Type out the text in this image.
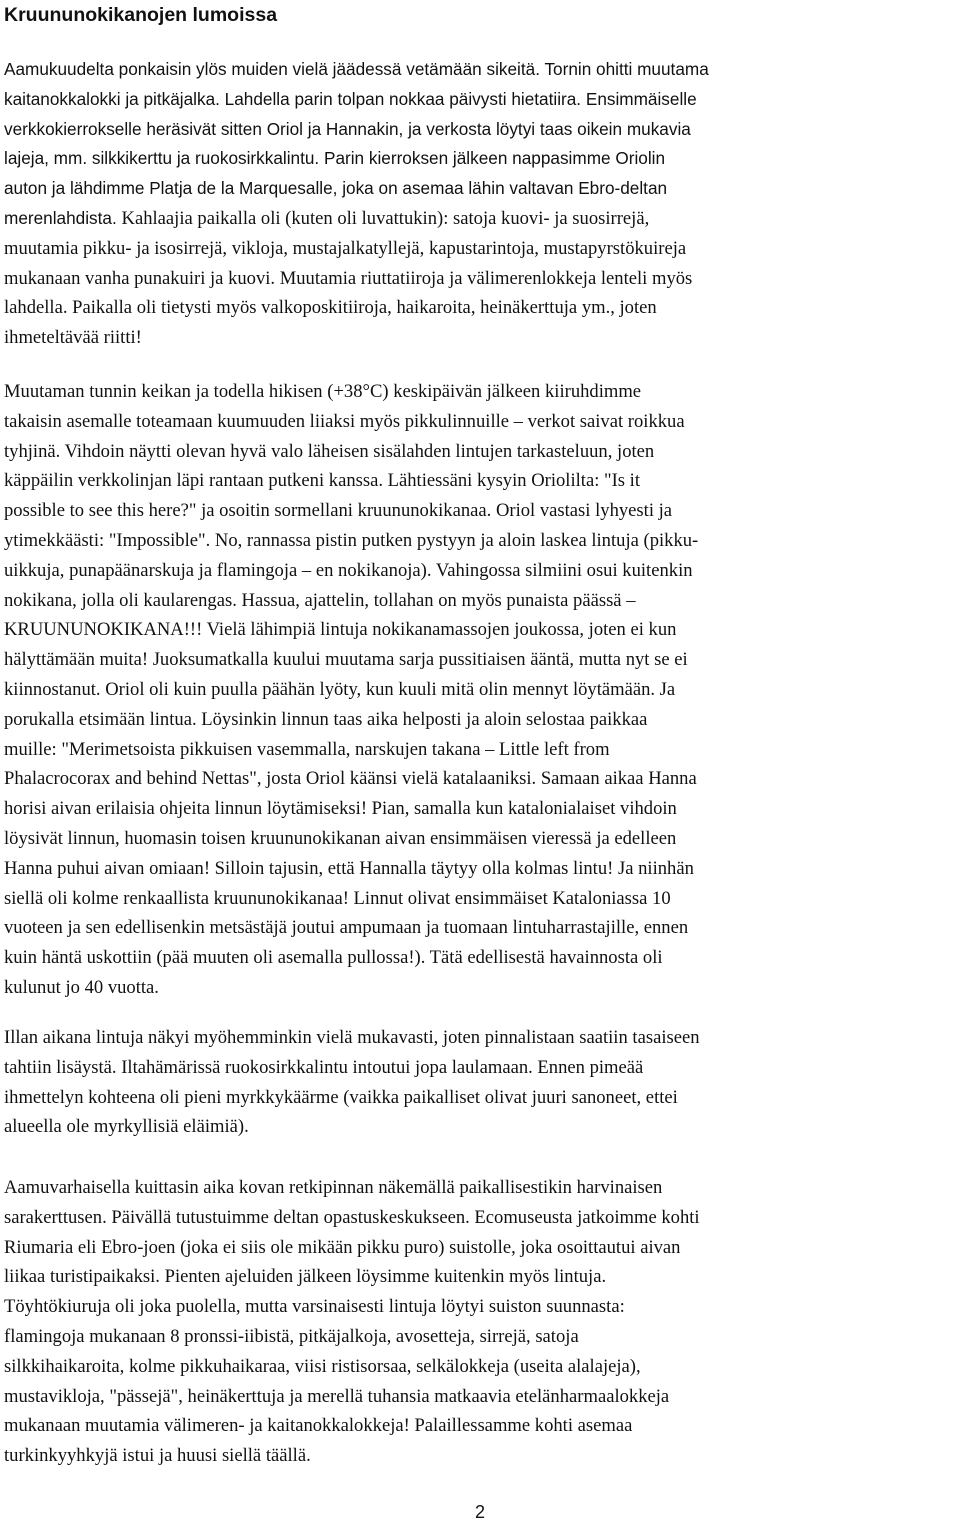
Kruununokikanojen lumoissa
Aamukuudelta ponkaisin ylös muiden vielä jäädessä vetämään sikeitä. Tornin ohitti muutama
kaitanokkalokki ja pitkäjalka. Lahdella parin tolpan nokkaa päivysti hietatiira. Ensimmäiselle
verkkokierrokselle heräsivät sitten Oriol ja Hannakin, ja verkosta löytyi taas oikein mukavia
lajeja, mm. silkkikerttu ja ruokosirkkalintu. Parin kierroksen jälkeen nappasimme Oriolin
auton ja lähdimme Platja de la Marquesalle, joka on asemaa lähin valtavan Ebro-deltan
merenlahdista. Kahlaajia paikalla oli (kuten oli luvattukin): satoja kuovi- ja suosirrejä,
muutamia pikku- ja isosirrejä, vikloja, mustajalkatyllejä, kapustarintoja, mustapyrstökuireja
mukanaan vanha punakuiri ja kuovi. Muutamia riuttatiiroja ja välimerenlokkeja lenteli myös
lahdella. Paikalla oli tietysti myös valkoposkitiiroja, haikaroita, heinäkerttuja ym., joten
ihmeteltävää riitti!
Muutaman tunnin keikan ja todella hikisen (+38°C) keskipäivän jälkeen kiiruhdimme
takaisin asemalle toteamaan kuumuuden liiaksi myös pikkulinnuille – verkot saivat roikkua
tyhjinä. Vihdoin näytti olevan hyvä valo läheisen sisälahden lintujen tarkasteluun, joten
käppäilin verkkolinjan läpi rantaan putkeni kanssa. Lähtiessäni kysyin Oriolilta: "Is it
possible to see this here?" ja osoitin sormellani kruununokikanaa. Oriol vastasi lyhyesti ja
ytimekkäästi: "Impossible". No, rannassa pistin putken pystyyn ja aloin laskea lintuja (pikku-
uikkuja, punapäänarskuja ja flamingoja – en nokikanoja). Vahingossa silmiini osui kuitenkin
nokikana, jolla oli kaularengas. Hassua, ajattelin, tollahan on myös punaista päässä –
KRUUNUNOKIKANA!!! Vielä lähimpiä lintuja nokikanamassojen joukossa, joten ei kun
hälyttämään muita! Juoksumatkalla kuului muutama sarja pussitiaisen ääntä, mutta nyt se ei
kiinnostanut. Oriol oli kuin puulla päähän lyöty, kun kuuli mitä olin mennyt löytämään. Ja
porukalla etsimään lintua. Löysinkin linnun taas aika helposti ja aloin selostaa paikkaa
muille: "Merimetsoista pikkuisen vasemmalla, narskujen takana – Little left from
Phalacrocorax and behind Nettas", josta Oriol käänsi vielä katalaaniksi. Samaan aikaa Hanna
horisi aivan erilaisia ohjeita linnun löytämiseksi! Pian, samalla kun katalonialaiset vihdoin
löysivät linnun, huomasin toisen kruununokikanan aivan ensimmäisen vieressä ja edelleen
Hanna puhui aivan omiaan! Silloin tajusin, että Hannalla täytyy olla kolmas lintu! Ja niinhän
siellä oli kolme renkaallista kruununokikanaa! Linnut olivat ensimmäiset Kataloniassa 10
vuoteen ja sen edellisenkin metsästäjä joutui ampumaan ja tuomaan lintuharrastajille, ennen
kuin häntä uskottiin (pää muuten oli asemalla pullossa!). Tätä edellisestä havainnosta oli
kulunut jo 40 vuotta.
Illan aikana lintuja näkyi myöhemminkin vielä mukavasti, joten pinnalistaan saatiin tasaiseen
tahtiin lisäystä. Iltahämärissä ruokosirkkalintu intoutui jopa laulamaan. Ennen pimeää
ihmettelyn kohteena oli pieni myrkkykäärme (vaikka paikalliset olivat juuri sanoneet, ettei
alueella ole myrkyllisiä eläimiä).
Aamuvarhaisella kuittasin aika kovan retkipinnan näkemällä paikallisestikin harvinaisen
sarakerttusen. Päivällä tutustuimme deltan opastuskeskukseen. Ecomuseusta jatkoimme kohti
Riumaria eli Ebro-joen (joka ei siis ole mikään pikku puro) suistolle, joka osoittautui aivan
liikaa turistipaikaksi. Pienten ajeluiden jälkeen löysimme kuitenkin myös lintuja.
Töyhtökiuruja oli joka puolella, mutta varsinaisesti lintuja löytyi suiston suunnasta:
flamingoja mukanaan 8 pronssi-iibistä, pitkäjalkoja, avosetteja, sirrejä, satoja
silkkihaikaroita, kolme pikkuhaikaraa, viisi ristisorsaa, selkälokkeja (useita alalajeja),
mustavikloja, "pässejä", heinäkerttuja ja merellä tuhansia matkaavia etelänharmaalokkeja
mukanaan muutamia välimeren- ja kaitanokkalokkeja! Palaillessamme kohti asemaa
turkinkyyhkyjä istui ja huusi siellä täällä.
2
